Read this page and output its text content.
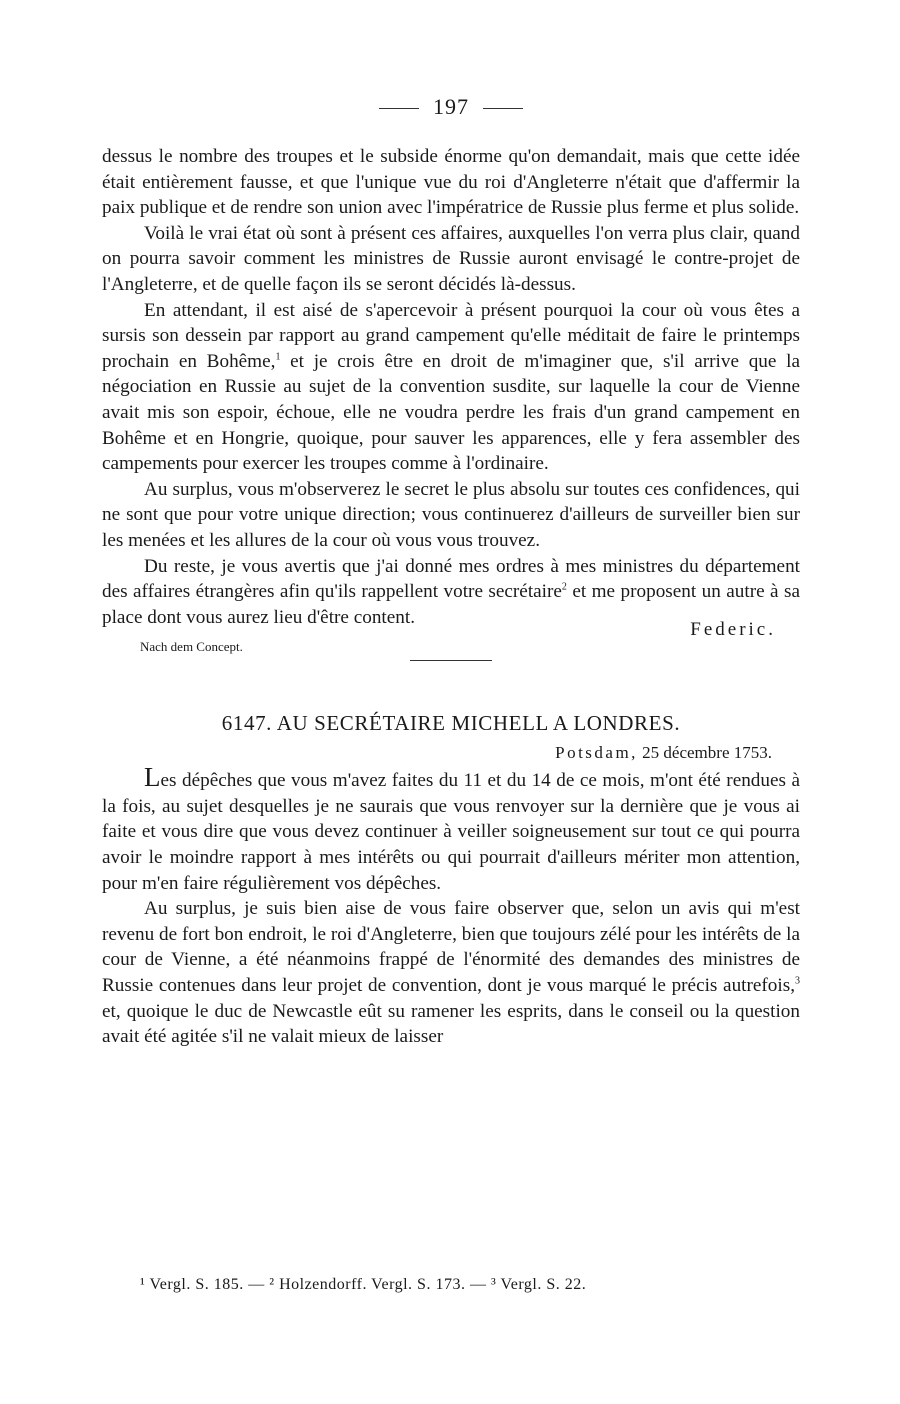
197

dessus le nombre des troupes et le subside énorme qu'on demandait, mais que cette idée était entièrement fausse, et que l'unique vue du roi d'Angleterre n'était que d'affermir la paix publique et de rendre son union avec l'impératrice de Russie plus ferme et plus solide.

Voilà le vrai état où sont à présent ces affaires, auxquelles l'on verra plus clair, quand on pourra savoir comment les ministres de Russie auront envisagé le contre-projet de l'Angleterre, et de quelle façon ils se seront décidés là-dessus.

En attendant, il est aisé de s'apercevoir à présent pourquoi la cour où vous êtes a sursis son dessein par rapport au grand campement qu'elle méditait de faire le printemps prochain en Bohême,$^1$ et je crois être en droit de m'imaginer que, s'il arrive que la négociation en Russie au sujet de la convention susdite, sur laquelle la cour de Vienne avait mis son espoir, échoue, elle ne voudra perdre les frais d'un grand campement en Bohême et en Hongrie, quoique, pour sauver les apparences, elle y fera assembler des campements pour exercer les troupes comme à l'ordinaire.

Au surplus, vous m'observerez le secret le plus absolu sur toutes ces confidences, qui ne sont que pour votre unique direction; vous continuerez d'ailleurs de surveiller bien sur les menées et les allures de la cour où vous vous trouvez.

Du reste, je vous avertis que j'ai donné mes ordres à mes ministres du département des affaires étrangères afin qu'ils rappellent votre secrétaire$^2$ et me proposent un autre à sa place dont vous aurez lieu d'être content.

Federic.
Nach dem Concept.
6147. AU SECRÉTAIRE MICHELL A LONDRES.
Potsdam, 25 décembre 1753.

Les dépêches que vous m'avez faites du 11 et du 14 de ce mois, m'ont été rendues à la fois, au sujet desquelles je ne saurais que vous renvoyer sur la dernière que je vous ai faite et vous dire que vous devez continuer à veiller soigneusement sur tout ce qui pourra avoir le moindre rapport à mes intérêts ou qui pourrait d'ailleurs mériter mon attention, pour m'en faire régulièrement vos dépêches.

Au surplus, je suis bien aise de vous faire observer que, selon un avis qui m'est revenu de fort bon endroit, le roi d'Angleterre, bien que toujours zélé pour les intérêts de la cour de Vienne, a été néanmoins frappé de l'énormité des demandes des ministres de Russie contenues dans leur projet de convention, dont je vous marqué le précis autrefois,$^3$ et, quoique le duc de Newcastle eût su ramener les esprits, dans le conseil ou la question avait été agitée s'il ne valait mieux de laisser

¹ Vergl. S. 185. — ² Holzendorff. Vergl. S. 173. — ³ Vergl. S. 22.
